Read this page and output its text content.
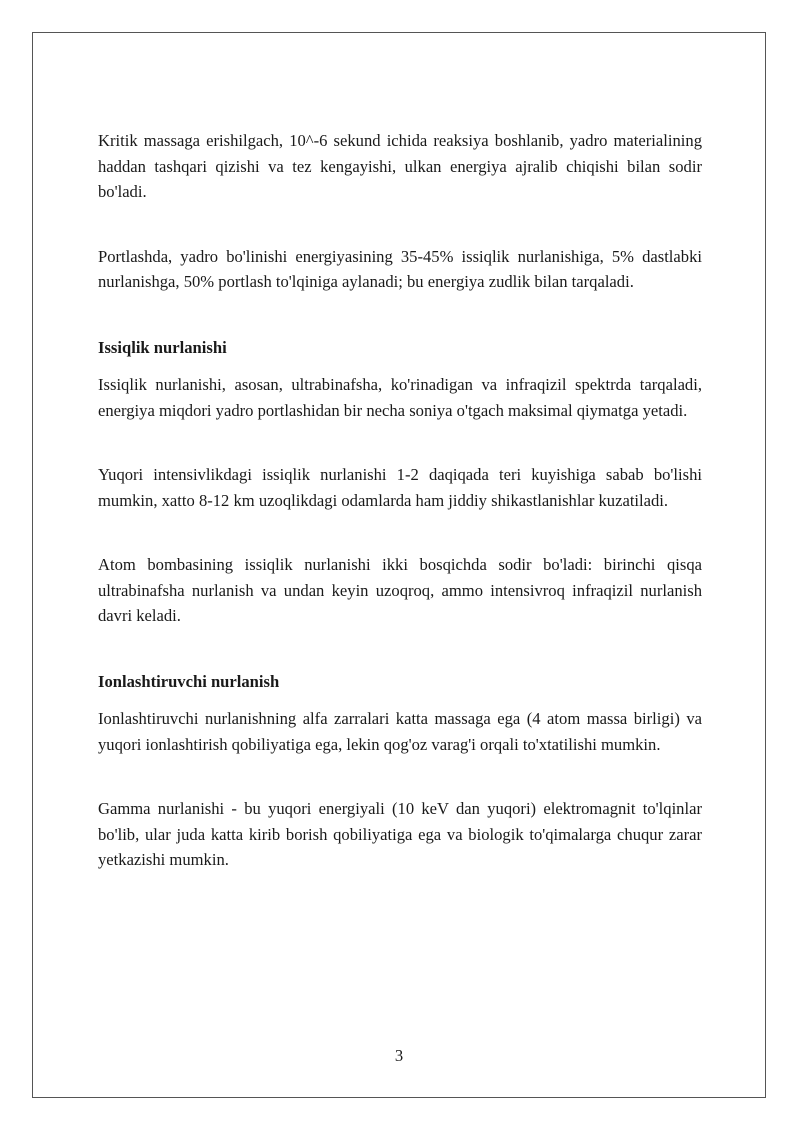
Kritik massaga erishilgach, 10^-6 sekund ichida reaksiya boshlanib, yadro materialining haddan tashqari qizishi va tez kengayishi, ulkan energiya ajralib chiqishi bilan sodir bo'ladi.

Portlashda, yadro bo'linishi energiyasining 35-45% issiqlik nurlanishiga, 5% dastlabki nurlanishga, 50% portlash to'lqiniga aylanadi; bu energiya zudlik bilan tarqaladi.

Issiqlik nurlanishi

Issiqlik nurlanishi, asosan, ultrabinafsha, ko'rinadigan va infraqizil spektrda tarqaladi, energiya miqdori yadro portlashidan bir necha soniya o'tgach maksimal qiymatga yetadi.

Yuqori intensivlikdagi issiqlik nurlanishi 1-2 daqiqada teri kuyishiga sabab bo'lishi mumkin, xatto 8-12 km uzoqlikdagi odamlarda ham jiddiy shikastlanishlar kuzatiladi.

Atom bombasining issiqlik nurlanishi ikki bosqichda sodir bo'ladi: birinchi qisqa ultrabinafsha nurlanish va undan keyin uzoqroq, ammo intensivroq infraqizil nurlanish davri keladi.

Ionlashtiruvchi nurlanish

Ionlashtiruvchi nurlanishning alfa zarralari katta massaga ega (4 atom massa birligi) va yuqori ionlashtirish qobiliyatiga ega, lekin qog'oz varag'i orqali to'xtatilishi mumkin.

Gamma nurlanishi - bu yuqori energiyali (10 keV dan yuqori) elektromagnit to'lqinlar bo'lib, ular juda katta kirib borish qobiliyatiga ega va biologik to'qimalarga chuqur zarar yetkazishi mumkin.

3
